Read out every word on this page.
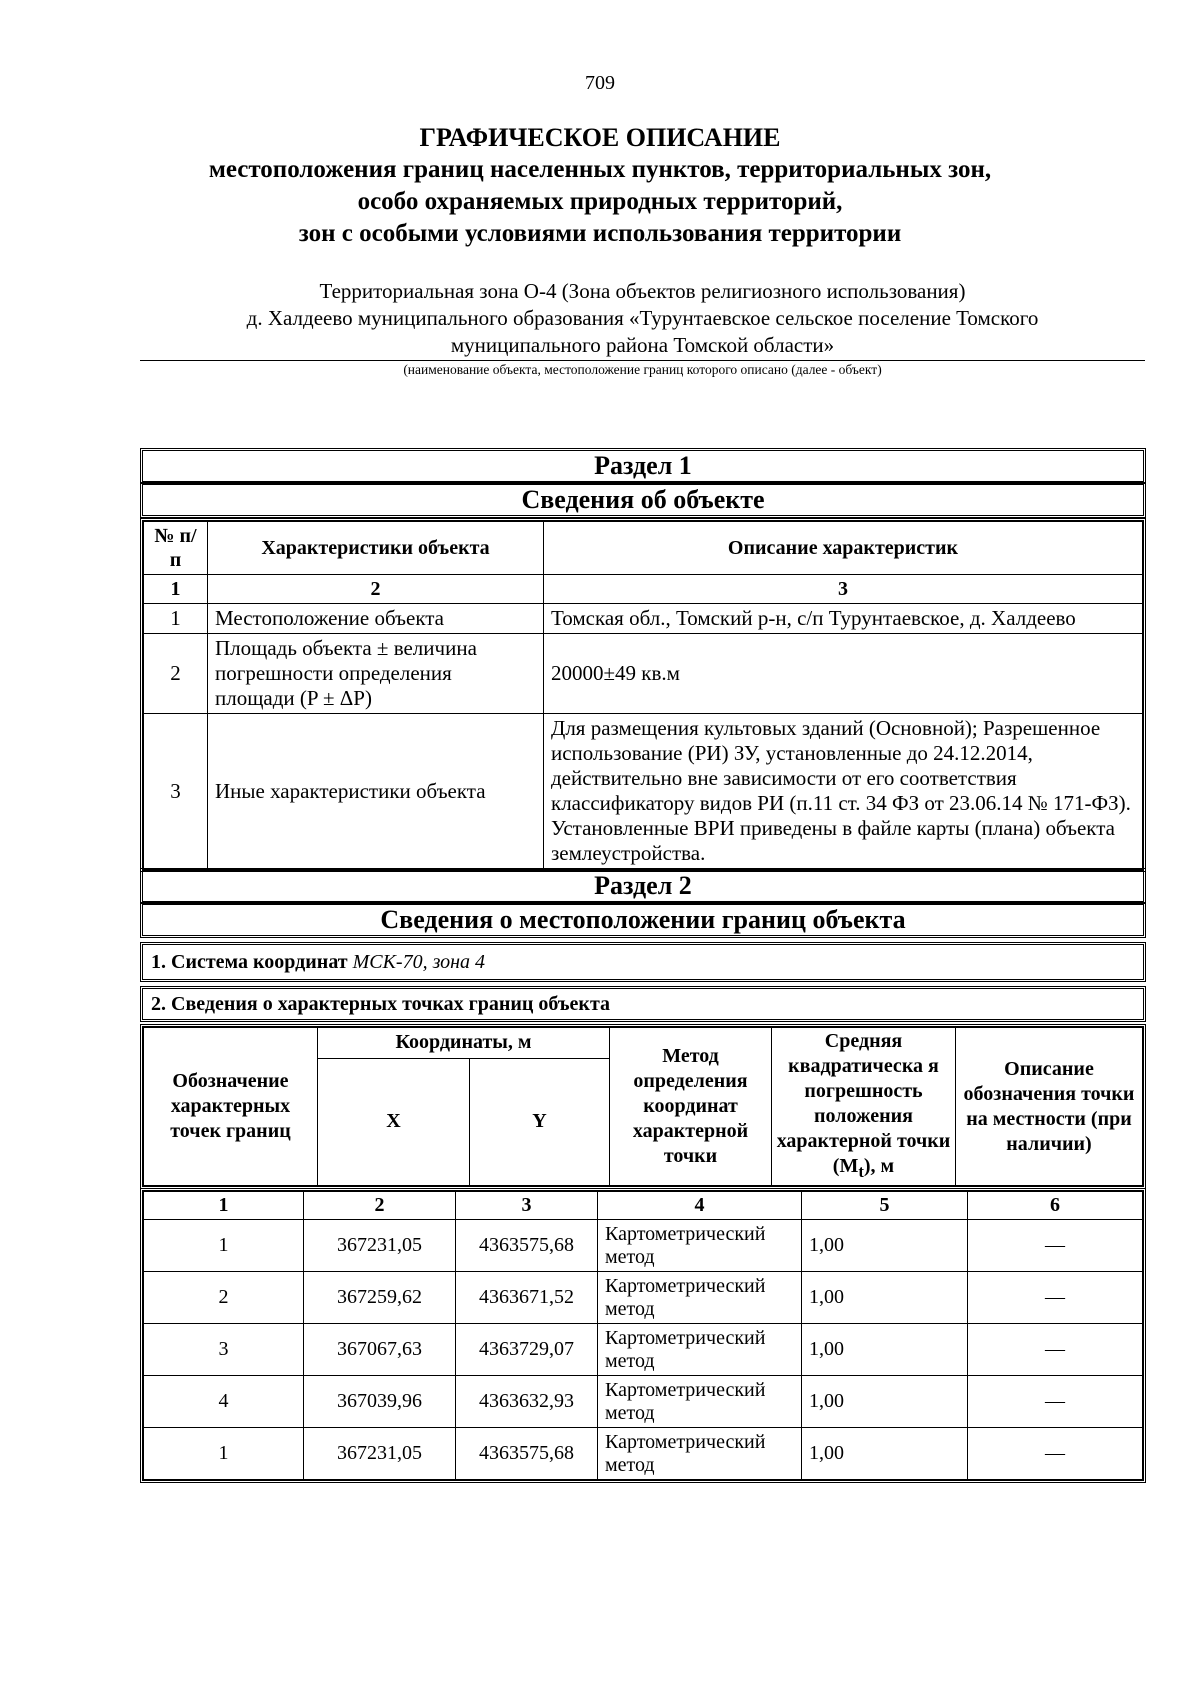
709
ГРАФИЧЕСКОЕ ОПИСАНИЕ
местоположения границ населенных пунктов, территориальных зон,
особо охраняемых природных территорий,
зон с особыми условиями использования территории
Территориальная зона О-4 (Зона объектов религиозного использования)
д. Халдеево муниципального образования «Турунтаевское сельское поселение Томского
муниципального района Томской области»
(наименование объекта, местоположение границ которого описано (далее - объект)
Раздел 1
Сведения об объекте
№ п/п	Характеристики объекта	Описание характеристик
1	2	3
1	Местоположение объекта	Томская обл., Томский р-н, с/п Турунтаевское, д. Халдеево
2	Площадь объекта ± величина погрешности определения площади (P ± ΔP)	20000±49 кв.м
3	Иные характеристики объекта	Для размещения культовых зданий (Основной); Разрешенное использование (РИ) ЗУ, установленные до 24.12.2014, действительно вне зависимости от его соответствия классификатору видов РИ (п.11 ст. 34 ФЗ от 23.06.14 № 171-ФЗ). Установленные ВРИ приведены в файле карты (плана) объекта землеустройства.
Раздел 2
Сведения о местоположении границ объекта
1. Система координат
МСК-70, зона 4
2. Сведения о характерных точках границ объекта
Обозначение характерных точек границ	Координаты, м		Метод определения координат характерной точки	Средняя квадратическа я погрешность положения характерной точки $(M_t)$, м	Описание обозначения точки на местности (при наличии)
	X	Y			
1	2	3	4	5	6
1	367231,05	4363575,68	Картометрический метод	1,00	—
2	367259,62	4363671,52	Картометрический метод	1,00	—
3	367067,63	4363729,07	Картометрический метод	1,00	—
4	367039,96	4363632,93	Картометрический метод	1,00	—
1	367231,05	4363575,68	Картометрический метод	1,00	—
